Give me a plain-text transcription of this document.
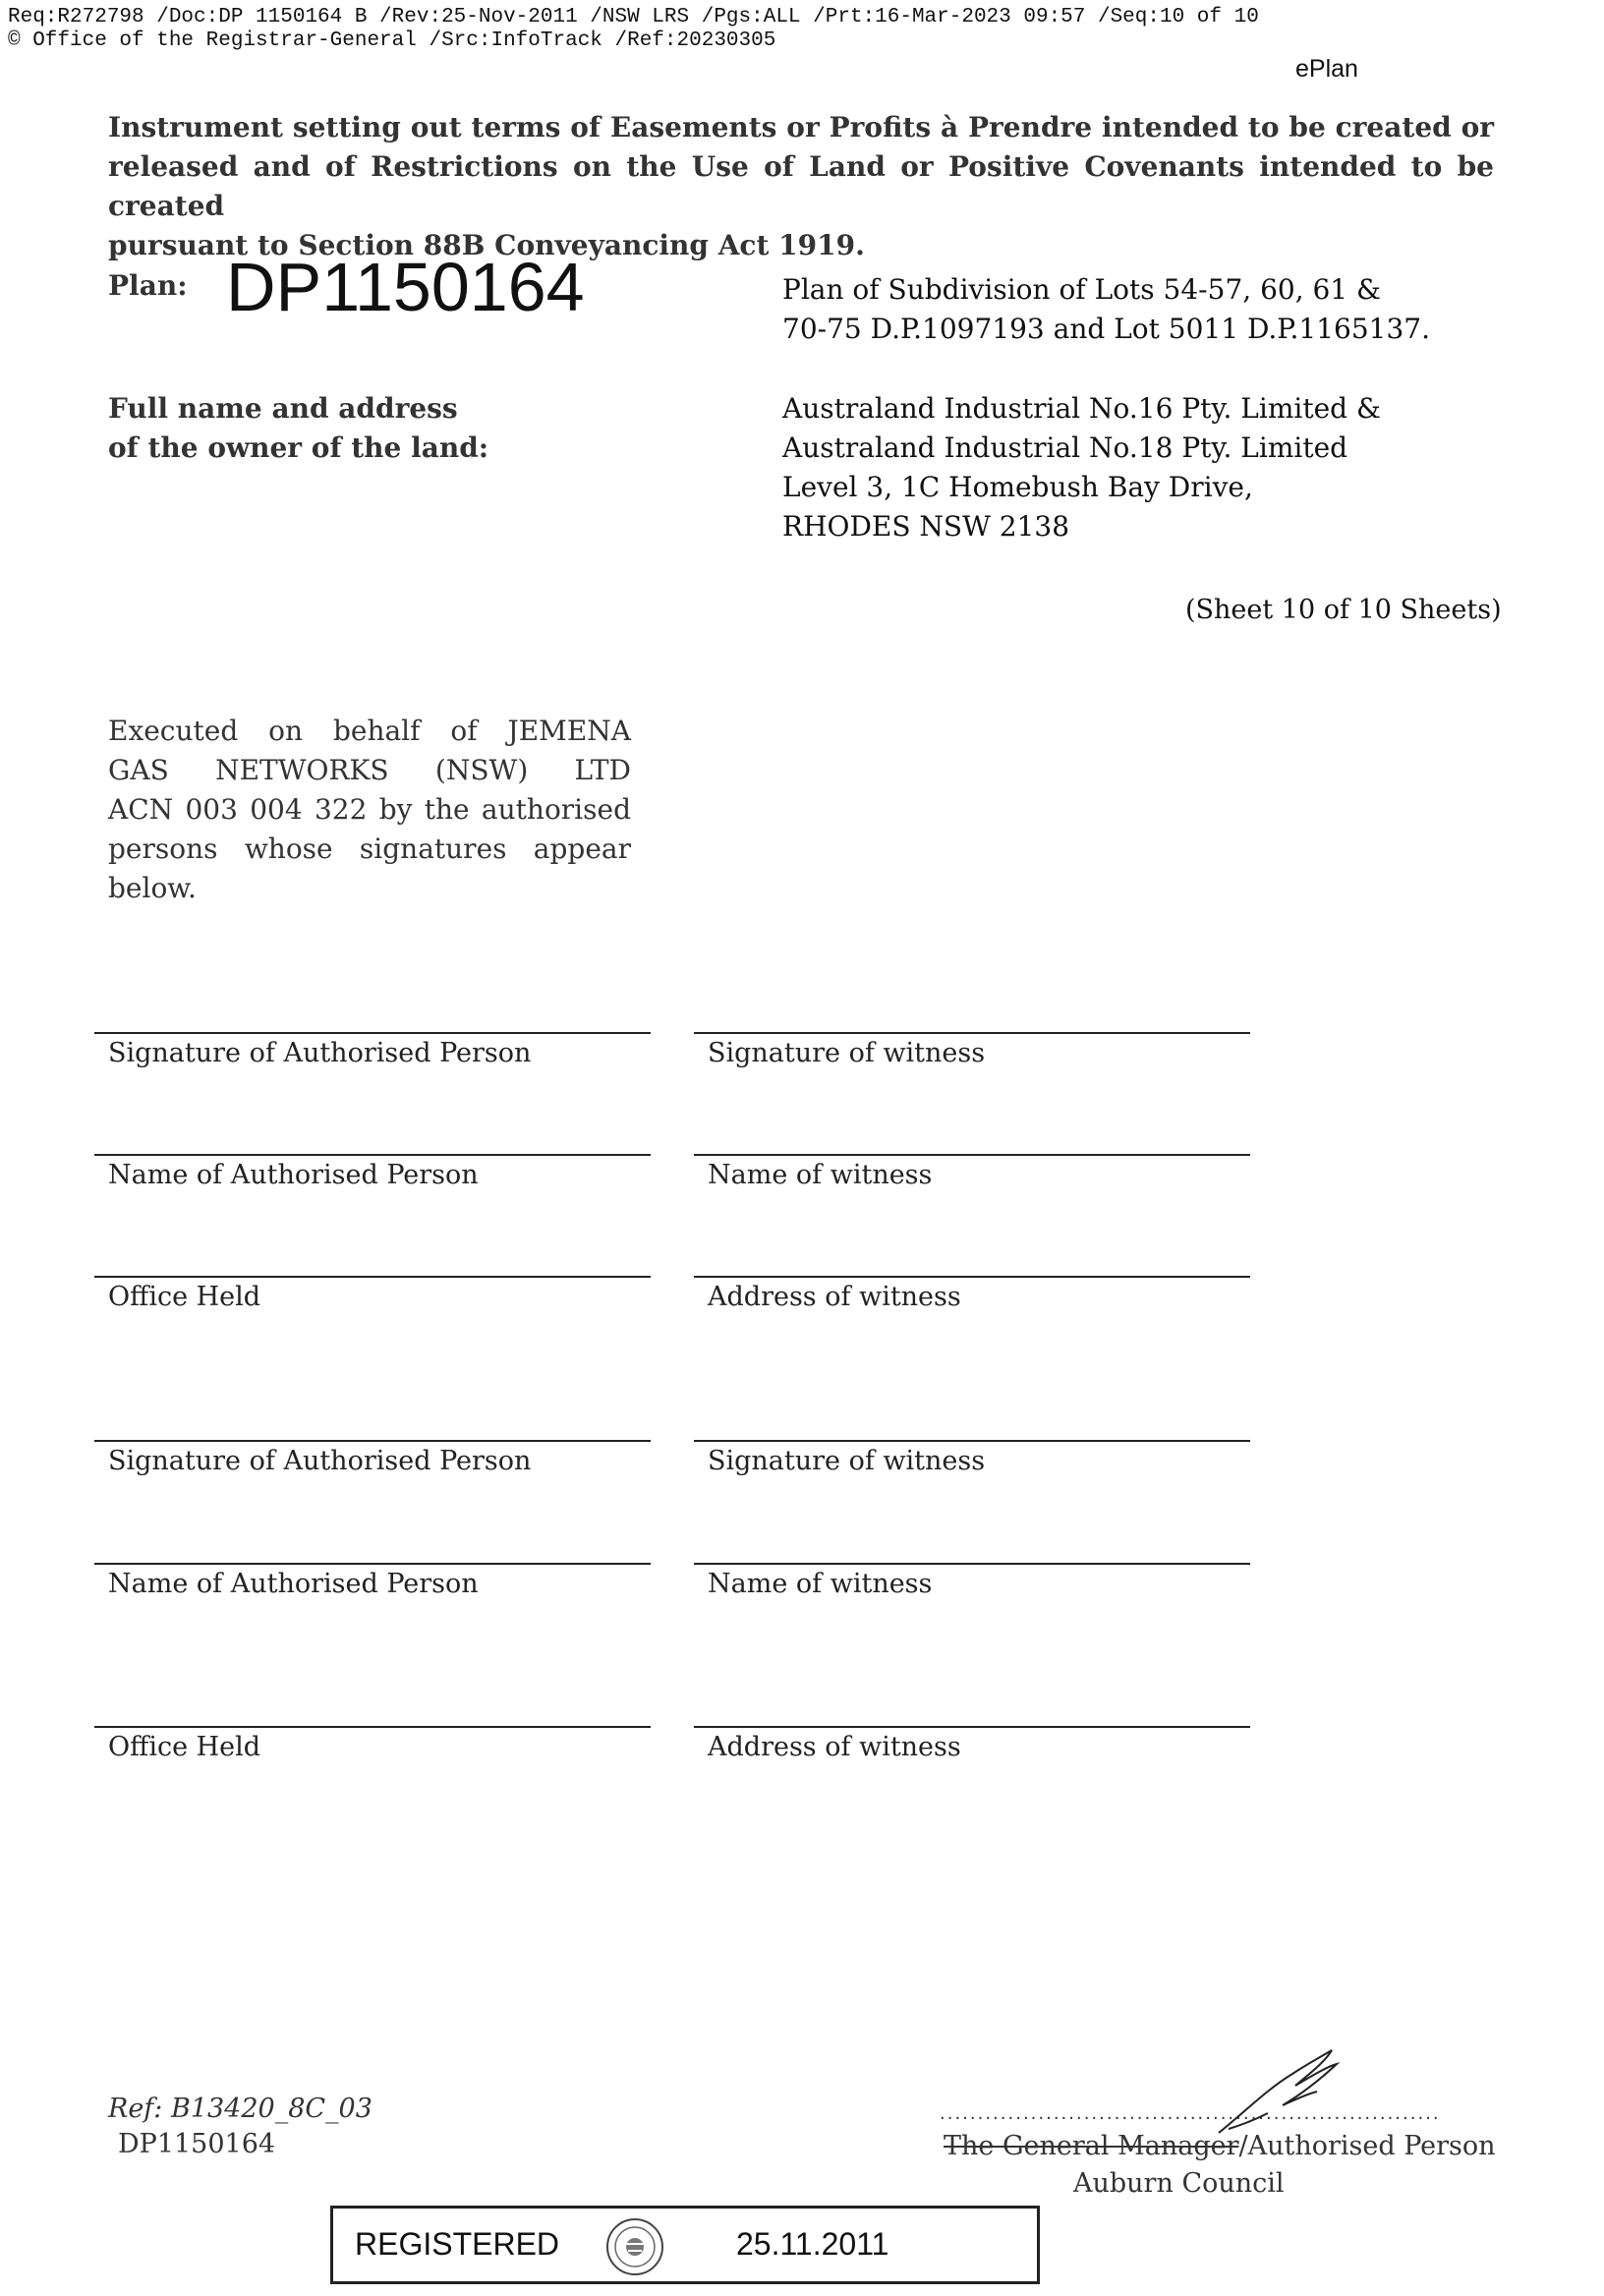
Req:R272798 /Doc:DP 1150164 B /Rev:25-Nov-2011 /NSW LRS /Pgs:ALL /Prt:16-Mar-2023 09:57 /Seq:10 of 10
© Office of the Registrar-General /Src:InfoTrack /Ref:20230305
ePlan
Instrument setting out terms of Easements or Profits à Prendre intended to be created or
released and of Restrictions on the Use of Land or Positive Covenants intended to be created
pursuant to Section 88B Conveyancing Act 1919.
Plan: DP1150164	Plan of Subdivision of Lots 54-57, 60, 61 &
70-75 D.P.1097193 and Lot 5011 D.P.1165137.
Full name and address
of the owner of the land:
Australand Industrial No.16 Pty. Limited &
Australand Industrial No.18 Pty. Limited
Level 3, 1C Homebush Bay Drive,
RHODES NSW 2138
(Sheet 10 of 10 Sheets)
Executed on behalf of JEMENA
GAS NETWORKS (NSW) LTD
ACN 003 004 322 by the authorised
persons whose signatures appear
below.
Signature of Authorised Person	Signature of witness
Name of Authorised Person	Name of witness
Office Held	Address of witness
Signature of Authorised Person	Signature of witness
Name of Authorised Person	Name of witness
Office Held	Address of witness
Ref: B13420_8C_03
DP1150164
..................................................................
The General Manager/Authorised Person
Auburn Council
REGISTERED	25.11.2011
